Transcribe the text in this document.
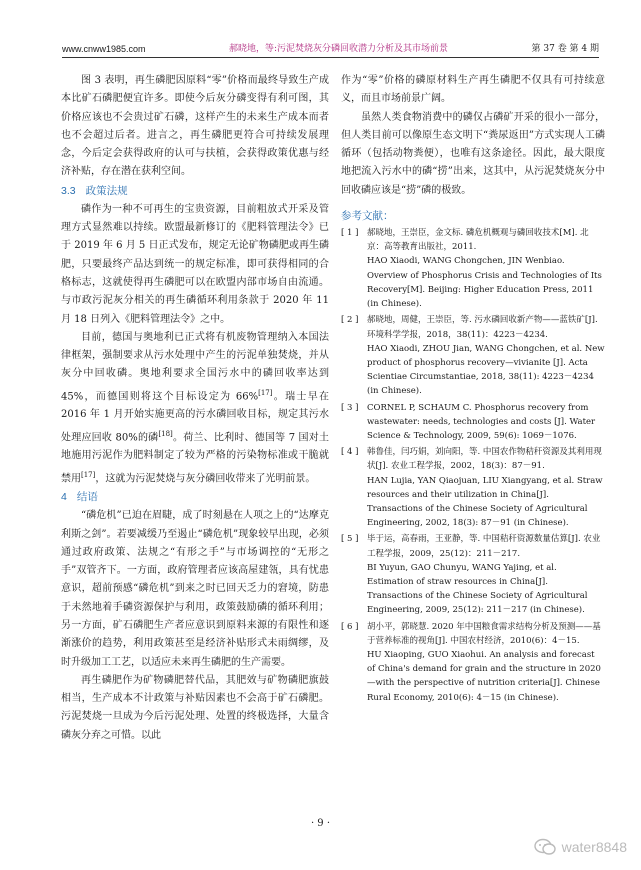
www.cnww1985.com	郝晓地，等:污泥焚烧灰分磷回收潜力分析及其市场前景	第 37 卷 第 4 期

图 3 表明，再生磷肥因原料“零”价格而最终导致生产成本比矿石磷肥便宜许多。即使今后灰分磷变得有利可图，其价格应该也不会贵过矿石磷，这样产生的未来生产成本而者也不会超过后者。进言之，再生磷肥更符合可持续发展理念，今后定会获得政府的认可与扶植，会获得政策优惠与经济补贴，存在潜在获利空间。

3.3 政策法规

磷作为一种不可再生的宝贵资源，目前粗放式开采及管理方式显然难以持续。欧盟最新修订的《肥料管理法令》已于 2019 年 6 月 5 日正式发布，规定无论矿物磷肥或再生磷肥，只要最终产品达到统一的规定标准，即可获得相同的合格标志，这就使得再生磷肥可以在欧盟内部市场自由流通。与市政污泥灰分相关的再生磷循环利用条款于 2020 年 11 月 18 日列入《肥料管理法令》之中。

目前，德国与奥地利已正式将有机废物管理纳入本国法律框架，强制要求从污水处理中产生的污泥单独焚烧，并从灰分中回收磷。奥地利要求全国污水中的磷回收率达到 45%，而德国则将这个目标设定为 66%[17]。瑞士早在 2016 年 1 月开始实施更高的污水磷回收目标，规定其污水处理应回收 80%的磷[18]。荷兰、比利时、德国等 7 国对土地施用污泥作为肥料制定了较为严格的污染物标准或干脆就禁用[17]，这就为污泥焚烧与灰分磷回收带来了光明前景。

4 结语

“磷危机”已迫在眉睫，成了时刻悬在人项之上的“达摩克利斯之剑”。若要减缓乃至遏止“磷危机”现象较早出现，必须通过政府政策、法规之“有形之手”与市场调控的“无形之手”双管齐下。一方面，政府管理者应该高屋建瓴，具有忧患意识，超前预感“磷危机”到来之时已回天乏力的窘境，防患于未然地着手磷资源保护与利用，政策鼓励磷的循环利用；另一方面，矿石磷肥生产者应意识到原料来源的有限性和逐渐涨价的趋势，利用政策甚至是经济补贴形式未雨绸缪，及时升级加工工艺，以适应未来再生磷肥的生产需要。

再生磷肥作为矿物磷肥替代品，其肥效与矿物磷肥旗鼓相当，生产成本不计政策与补贴因素也不会高于矿石磷肥。污泥焚烧一旦成为今后污泥处理、处置的终极选择，大量含磷灰分弃之可惜。以此

作为“零”价格的磷原材料生产再生磷肥不仅具有可持续意义，而且市场前景广阔。

虽然人类食物消费中的磷仅占磷矿开采的很小一部分，但人类目前可以像原生态文明下“粪尿返田”方式实现人工磷循环（包括动物粪便），也唯有这条途径。因此，最大限度地把流入污水中的磷“捞”出来，这其中，从污泥焚烧灰分中回收磷应该是“捞”磷的极致。

参考文献：
[ 1 ]	郝晓地，王崇臣，金文标. 磷危机概观与磷回收技术[M]. 北京：高等教育出版社，2011.
HAO Xiaodi, WANG Chongchen, JIN Wenbiao. Overview of Phosphorus Crisis and Technologies of Its Recovery[M]. Beijing: Higher Education Press, 2011 (in Chinese).
[ 2 ]	郝晓地，周健，王崇臣，等. 污水磷回收新产物——蓝铁矿[J]. 环境科学学报，2018，38(11)：4223－4234.
HAO Xiaodi, ZHOU Jian, WANG Chongchen, et al. New product of phosphorus recovery—vivianite [J]. Acta Scientiae Circumstantiae, 2018, 38(11): 4223－4234 (in Chinese).
[ 3 ]	CORNEL P, SCHAUM C. Phosphorus recovery from wastewater: needs, technologies and costs [J]. Water Science & Technology, 2009, 59(6): 1069－1076.
[ 4 ]	韩鲁佳，闫巧娟，刘向阳，等. 中国农作物秸秆资源及其利用现状[J]. 农业工程学报，2002，18(3)：87－91.
HAN Lujia, YAN Qiaojuan, LIU Xiangyang, et al. Straw resources and their utilization in China[J]. Transactions of the Chinese Society of Agricultural Engineering, 2002, 18(3): 87－91 (in Chinese).
[ 5 ]	毕于运，高春雨，王亚静，等. 中国秸秆资源数量估算[J]. 农业工程学报，2009，25(12)：211－217.
BI Yuyun, GAO Chunyu, WANG Yajing, et al. Estimation of straw resources in China[J]. Transactions of the Chinese Society of Agricultural Engineering, 2009, 25(12): 211－217 (in Chinese).
[ 6 ]	胡小平，郭晓慧. 2020 年中国粮食需求结构分析及预测——基于营养标准的视角[J]. 中国农村经济，2010(6)：4－15.
HU Xiaoping, GUO Xiaohui. An analysis and forecast of China's demand for grain and the structure in 2020—with the perspective of nutrition criteria[J]. Chinese Rural Economy, 2010(6): 4－15 (in Chinese).
· 9 ·
water8848
